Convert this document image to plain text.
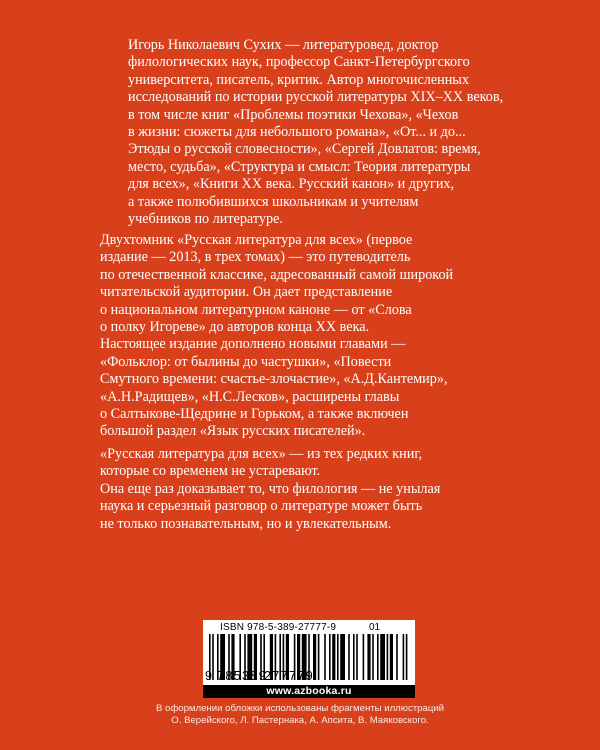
Игорь Николаевич Сухих — литературовед, доктор
филологических наук, профессор Санкт-Петербургского
университета, писатель, критик. Автор многочисленных
исследований по истории русской литературы XIX–XX веков,
в том числе книг «Проблемы поэтики Чехова», «Чехов
в жизни: сюжеты для небольшого романа», «От... и до...
Этюды о русской словесности», «Сергей Довлатов: время,
место, судьба», «Структура и смысл: Теория литературы
для всех», «Книги XX века. Русский канон» и других,
а также полюбившихся школьникам и учителям
учебников по литературе.
Двухтомник «Русская литература для всех» (первое
издание — 2013, в трех томах) — это путеводитель
по отечественной классике, адресованный самой широкой
читательской аудитории. Он дает представление
о национальном литературном каноне — от «Слова
о полку Игореве» до авторов конца XX века.
Настоящее издание дополнено новыми главами —
«Фольклор: от былины до частушки», «Повести
Смутного времени: счастье-злочастие», «А.Д.Кантемир»,
«А.Н.Радищев», «Н.С.Лесков», расширены главы
о Салтыкове-Щедрине и Горьком, а также включен
большой раздел «Язык русских писателей».
«Русская литература для всех» — из тех редких книг,
которые со временем не устаревают.
Она еще раз доказывает то, что филология — не унылая
наука и серьезный разговор о литературе может быть
не только познавательным, но и увлекательным.
ISBN 978-5-389-27777-9	01
9 785389
277779
www.azbooka.ru
В оформлении обложки использованы фрагменты иллюстраций
О. Верейского, Л. Пастернака, А. Апсита, В. Маяковского.
